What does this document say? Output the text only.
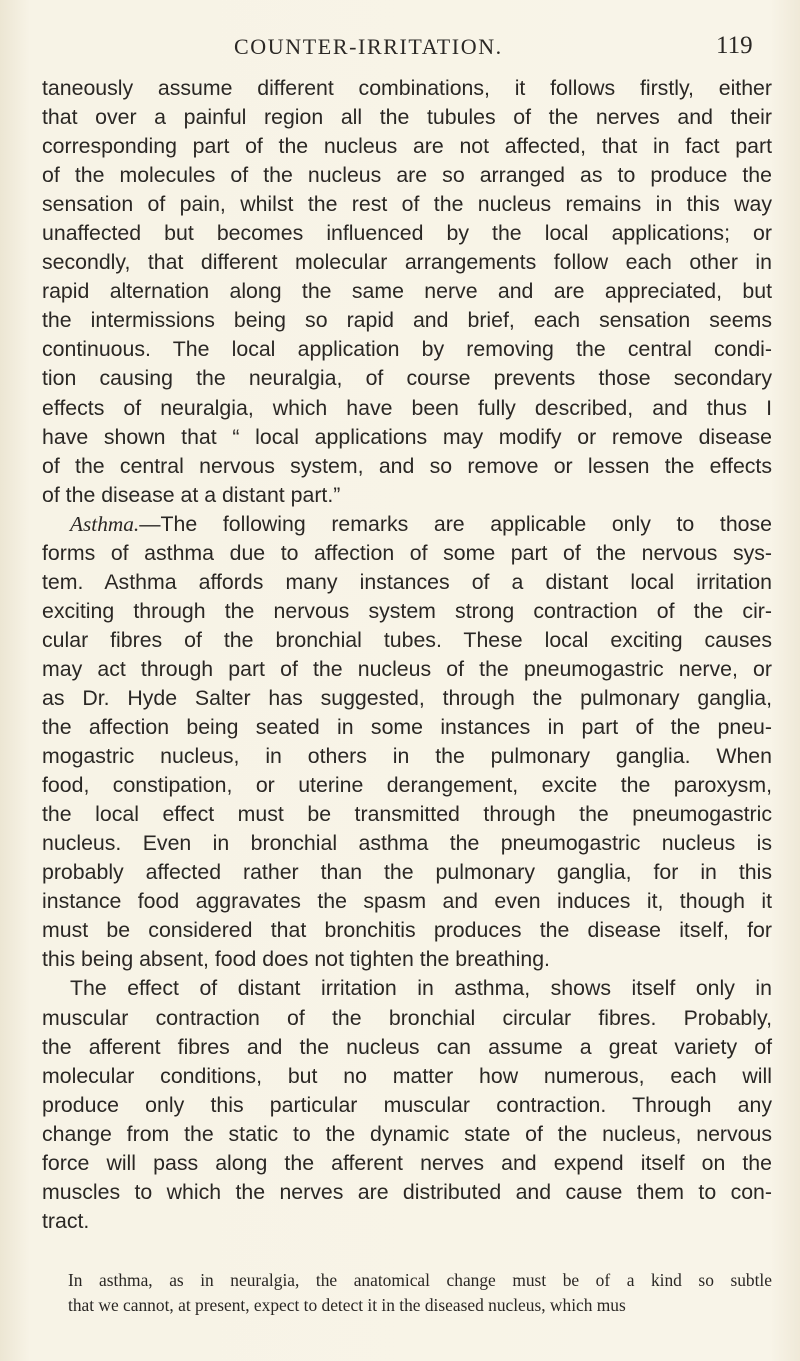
COUNTER-IRRITATION.	119
taneously assume different combinations, it follows firstly, either
that over a painful region all the tubules of the nerves and their
corresponding part of the nucleus are not affected, that in fact part
of the molecules of the nucleus are so arranged as to produce the
sensation of pain, whilst the rest of the nucleus remains in this way
unaffected but becomes influenced by the local applications; or
secondly, that different molecular arrangements follow each other in
rapid alternation along the same nerve and are appreciated, but
the intermissions being so rapid and brief, each sensation seems
continuous. The local application by removing the central condi-
tion causing the neuralgia, of course prevents those secondary
effects of neuralgia, which have been fully described, and thus I
have shown that “ local applications may modify or remove disease
of the central nervous system, and so remove or lessen the effects
of the disease at a distant part.”
Asthma.—The following remarks are applicable only to those
forms of asthma due to affection of some part of the nervous sys-
tem. Asthma affords many instances of a distant local irritation
exciting through the nervous system strong contraction of the cir-
cular fibres of the bronchial tubes. These local exciting causes
may act through part of the nucleus of the pneumogastric nerve, or
as Dr. Hyde Salter has suggested, through the pulmonary ganglia,
the affection being seated in some instances in part of the pneu-
mogastric nucleus, in others in the pulmonary ganglia. When
food, constipation, or uterine derangement, excite the paroxysm,
the local effect must be transmitted through the pneumogastric
nucleus. Even in bronchial asthma the pneumogastric nucleus is
probably affected rather than the pulmonary ganglia, for in this
instance food aggravates the spasm and even induces it, though it
must be considered that bronchitis produces the disease itself, for
this being absent, food does not tighten the breathing.
The effect of distant irritation in asthma, shows itself only in
muscular contraction of the bronchial circular fibres. Probably,
the afferent fibres and the nucleus can assume a great variety of
molecular conditions, but no matter how numerous, each will
produce only this particular muscular contraction. Through any
change from the static to the dynamic state of the nucleus, nervous
force will pass along the afferent nerves and expend itself on the
muscles to which the nerves are distributed and cause them to con-
tract.
In asthma, as in neuralgia, the anatomical change must be of a kind so subtle
that we cannot, at present, expect to detect it in the diseased nucleus, which mus
